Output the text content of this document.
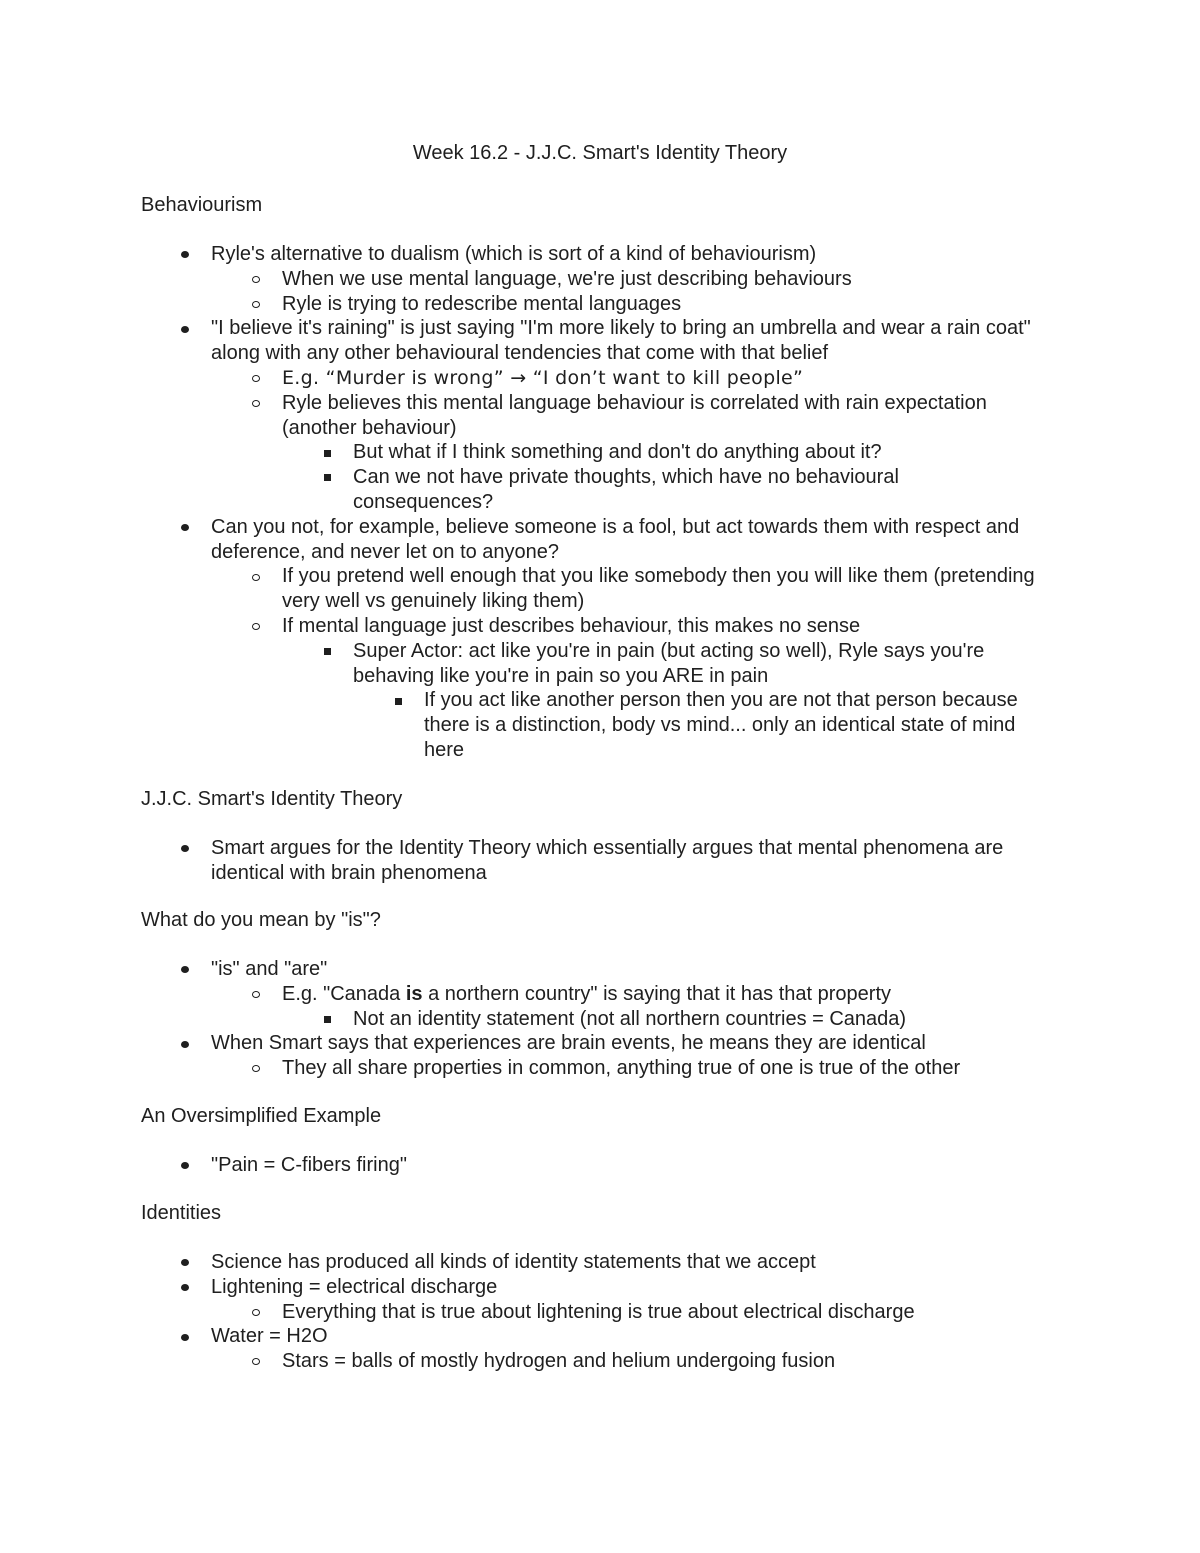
Week 16.2 - J.J.C. Smart's Identity Theory
Behaviourism
Ryle's alternative to dualism (which is sort of a kind of behaviourism)
When we use mental language, we're just describing behaviours
Ryle is trying to redescribe mental languages
"I believe it's raining" is just saying "I'm more likely to bring an umbrella and wear a rain coat" along with any other behavioural tendencies that come with that belief
E.g. “Murder is wrong” → “I don’t want to kill people”
Ryle believes this mental language behaviour is correlated with rain expectation (another behaviour)
But what if I think something and don't do anything about it?
Can we not have private thoughts, which have no behavioural consequences?
Can you not, for example, believe someone is a fool, but act towards them with respect and deference, and never let on to anyone?
If you pretend well enough that you like somebody then you will like them (pretending very well vs genuinely liking them)
If mental language just describes behaviour, this makes no sense
Super Actor: act like you're in pain (but acting so well), Ryle says you're behaving like you're in pain so you ARE in pain
If you act like another person then you are not that person because there is a distinction, body vs mind... only an identical state of mind here
J.J.C. Smart's Identity Theory
Smart argues for the Identity Theory which essentially argues that mental phenomena are identical with brain phenomena
What do you mean by "is"?
"is" and "are"
E.g. "Canada is a northern country" is saying that it has that property
Not an identity statement (not all northern countries = Canada)
When Smart says that experiences are brain events, he means they are identical
They all share properties in common, anything true of one is true of the other
An Oversimplified Example
"Pain = C-fibers firing"
Identities
Science has produced all kinds of identity statements that we accept
Lightening = electrical discharge
Everything that is true about lightening is true about electrical discharge
Water = H2O
Stars = balls of mostly hydrogen and helium undergoing fusion
